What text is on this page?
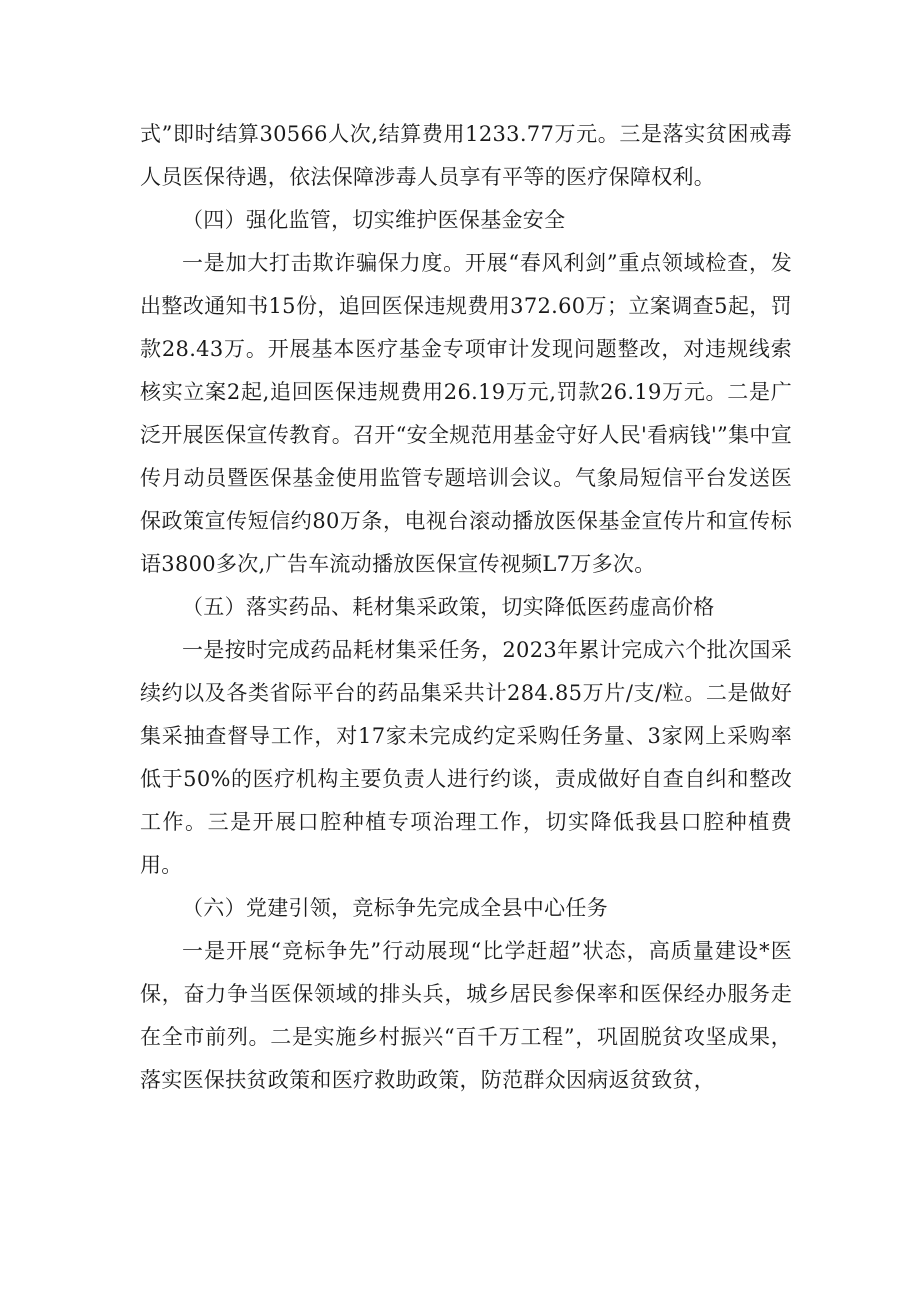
式”即时结算30566人次,结算费用1233.77万元。三是落实贫困戒毒人员医保待遇，依法保障涉毒人员享有平等的医疗保障权利。

（四）强化监管，切实维护医保基金安全

一是加大打击欺诈骗保力度。开展“春风利剑”重点领域检查，发出整改通知书15份，追回医保违规费用372.60万；立案调查5起，罚款28.43万。开展基本医疗基金专项审计发现问题整改，对违规线索核实立案2起,追回医保违规费用26.19万元,罚款26.19万元。二是广泛开展医保宣传教育。召开“安全规范用基金守好人民'看病钱'”集中宣传月动员暨医保基金使用监管专题培训会议。气象局短信平台发送医保政策宣传短信约80万条，电视台滚动播放医保基金宣传片和宣传标语3800多次,广告车流动播放医保宣传视频L7万多次。

（五）落实药品、耗材集采政策，切实降低医药虚高价格

一是按时完成药品耗材集采任务，2023年累计完成六个批次国采续约以及各类省际平台的药品集采共计284.85万片/支/粒。二是做好集采抽查督导工作，对17家未完成约定采购任务量、3家网上采购率低于50%的医疗机构主要负责人进行约谈，责成做好自查自纠和整改工作。三是开展口腔种植专项治理工作，切实降低我县口腔种植费用。

（六）党建引领，竞标争先完成全县中心任务

一是开展“竞标争先”行动展现“比学赶超”状态，高质量建设*医保，奋力争当医保领域的排头兵，城乡居民参保率和医保经办服务走在全市前列。二是实施乡村振兴“百千万工程”，巩固脱贫攻坚成果，落实医保扶贫政策和医疗救助政策，防范群众因病返贫致贫，
